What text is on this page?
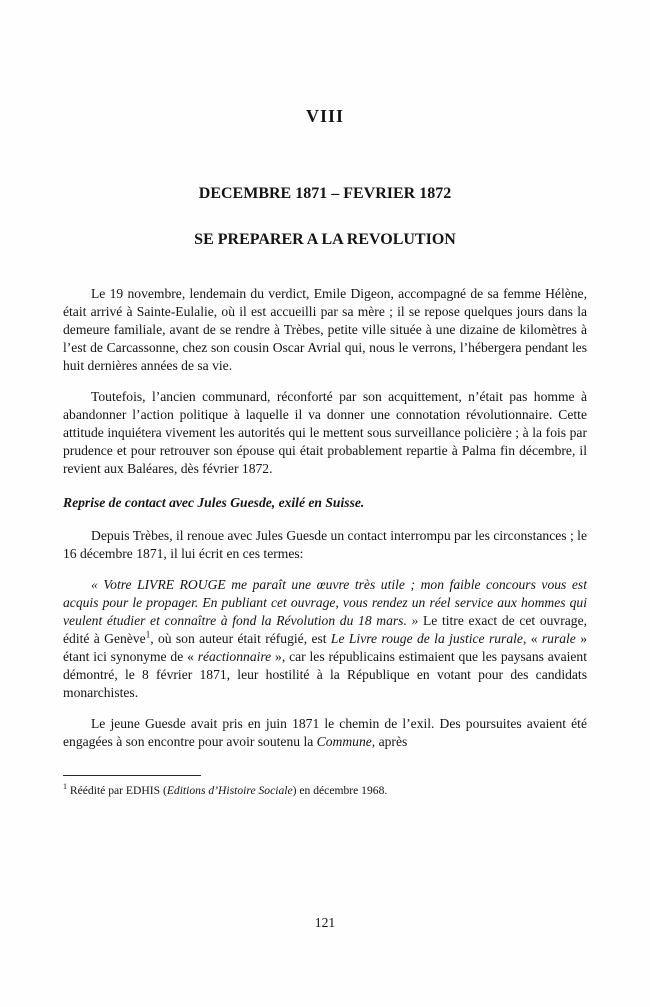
VIII
DECEMBRE 1871 – FEVRIER 1872
SE PREPARER A LA REVOLUTION

Le 19 novembre, lendemain du verdict, Emile Digeon, accompagné de sa femme Hélène, était arrivé à Sainte-Eulalie, où il est accueilli par sa mère ; il se repose quelques jours dans la demeure familiale, avant de se rendre à Trèbes, petite ville située à une dizaine de kilomètres à l’est de Carcassonne, chez son cousin Oscar Avrial qui, nous le verrons, l’hébergera pendant les huit dernières années de sa vie.

Toutefois, l’ancien communard, réconforté par son acquittement, n’était pas homme à abandonner l’action politique à laquelle il va donner une connotation révolutionnaire. Cette attitude inquiétera vivement les autorités qui le mettent sous surveillance policière ; à la fois par prudence et pour retrouver son épouse qui était probablement repartie à Palma fin décembre, il revient aux Baléares, dès février 1872.

Reprise de contact avec Jules Guesde, exilé en Suisse.

Depuis Trèbes, il renoue avec Jules Guesde un contact interrompu par les circonstances ; le 16 décembre 1871, il lui écrit en ces termes:

« Votre LIVRE ROUGE me paraît une œuvre très utile ; mon faible concours vous est acquis pour le propager. En publiant cet ouvrage, vous rendez un réel service aux hommes qui veulent étudier et connaître à fond la Révolution du 18 mars. » Le titre exact de cet ouvrage, édité à Genève$^1$, où son auteur était réfugié, est Le Livre rouge de la justice rurale, « rurale » étant ici synonyme de « réactionnaire », car les républicains estimaient que les paysans avaient démontré, le 8 février 1871, leur hostilité à la République en votant pour des candidats monarchistes.

Le jeune Guesde avait pris en juin 1871 le chemin de l’exil. Des poursuites avaient été engagées à son encontre pour avoir soutenu la Commune, après

$^1$ Réédité par EDHIS (Editions d’Histoire Sociale) en décembre 1968.

121
